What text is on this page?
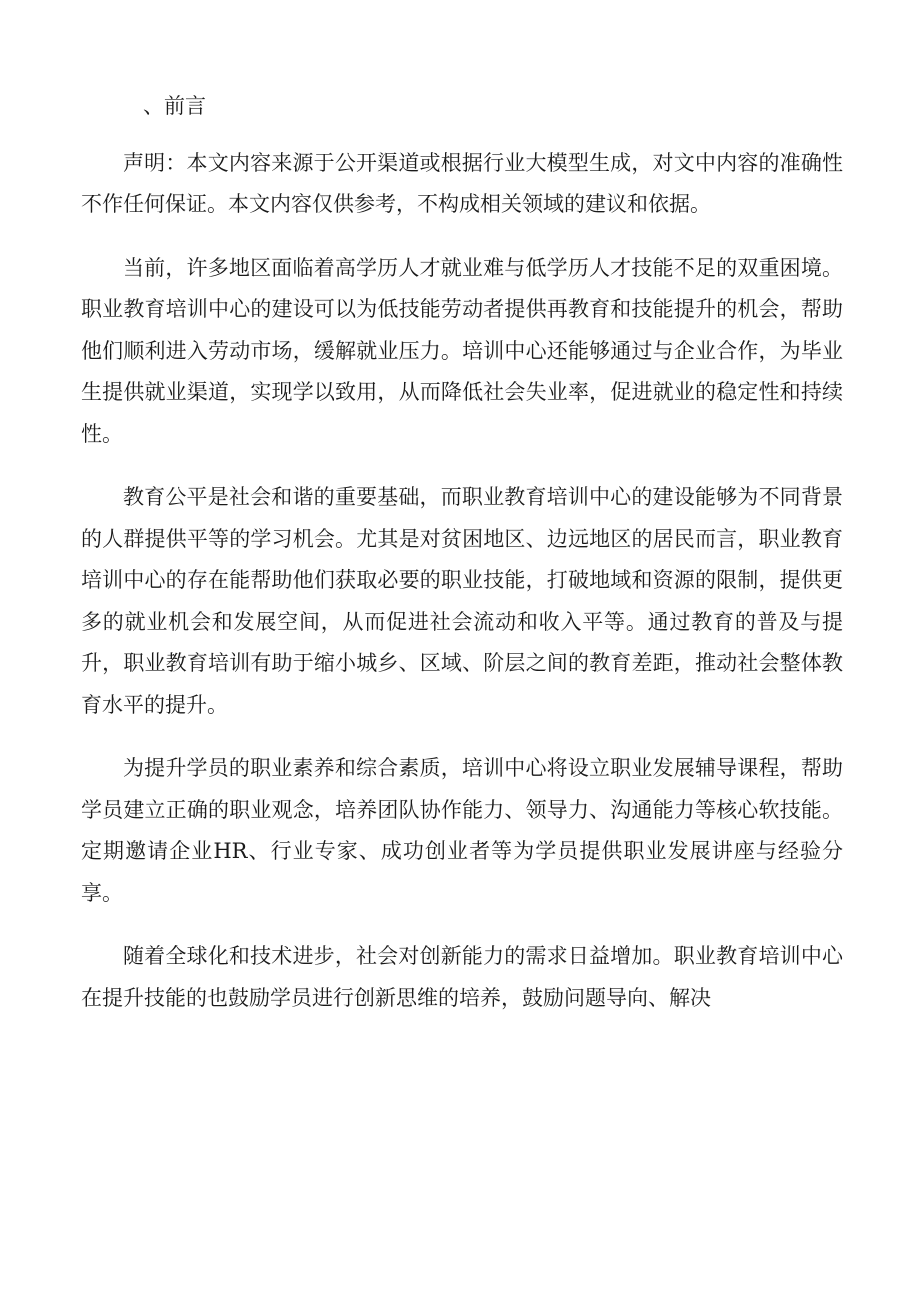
、前言

声明：本文内容来源于公开渠道或根据行业大模型生成，对文中内容的准确性不作任何保证。本文内容仅供参考，不构成相关领域的建议和依据。

当前，许多地区面临着高学历人才就业难与低学历人才技能不足的双重困境。职业教育培训中心的建设可以为低技能劳动者提供再教育和技能提升的机会，帮助他们顺利进入劳动市场，缓解就业压力。培训中心还能够通过与企业合作，为毕业生提供就业渠道，实现学以致用，从而降低社会失业率，促进就业的稳定性和持续性。

教育公平是社会和谐的重要基础，而职业教育培训中心的建设能够为不同背景的人群提供平等的学习机会。尤其是对贫困地区、边远地区的居民而言，职业教育培训中心的存在能帮助他们获取必要的职业技能，打破地域和资源的限制，提供更多的就业机会和发展空间，从而促进社会流动和收入平等。通过教育的普及与提升，职业教育培训有助于缩小城乡、区域、阶层之间的教育差距，推动社会整体教育水平的提升。

为提升学员的职业素养和综合素质，培训中心将设立职业发展辅导课程，帮助学员建立正确的职业观念，培养团队协作能力、领导力、沟通能力等核心软技能。定期邀请企业HR、行业专家、成功创业者等为学员提供职业发展讲座与经验分享。

随着全球化和技术进步，社会对创新能力的需求日益增加。职业教育培训中心在提升技能的也鼓励学员进行创新思维的培养，鼓励问题导向、解决
